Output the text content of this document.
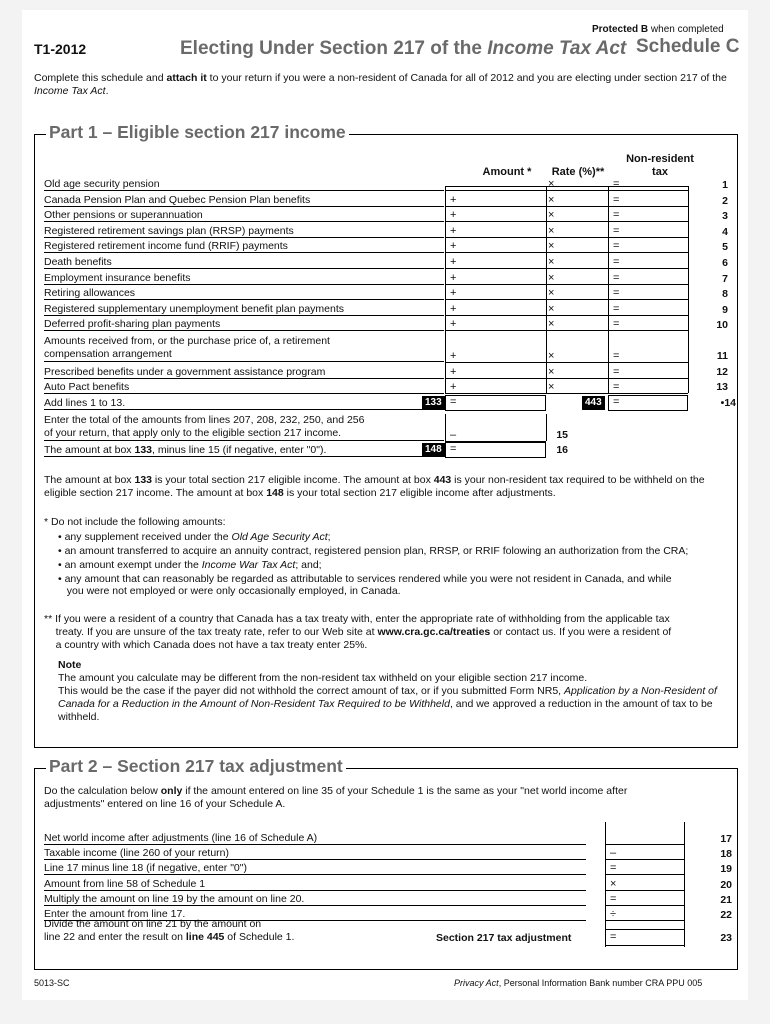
Protected B when completed
T1-2012	Electing Under Section 217 of the Income Tax Act Schedule C
Complete this schedule and attach it to your return if you were a non-resident of Canada for all of 2012 and you are electing under section 217 of the Income Tax Act.
Part 1 – Eligible section 217 income
Amount *	Rate (%)**
Non-resident
tax
Amounts received from, or the purchase price of, a retirement
compensation arrangement	+	×	=	11
Prescribed benefits under a government assistance program	+	×	=	12
Auto Pact benefits	+	×	=	13
Add lines 1 to 13.	133 =	443 =	•14
Enter the total of the amounts from lines 207, 208, 232, 250, and 256
of your return, that apply only to the eligible section 217 income.	–	15
The amount at box 133, minus line 15 (if negative, enter "0").	148 =	16
The amount at box 133 is your total section 217 eligible income. The amount at box 443 is your non-resident tax required to be withheld on the eligible section 217 income. The amount at box 148 is your total section 217 eligible income after adjustments.
* Do not include the following amounts:
• any supplement received under the Old Age Security Act;
• an amount transferred to acquire an annuity contract, registered pension plan, RRSP, or RRIF folowing an authorization from the CRA;
• an amount exempt under the Income War Tax Act; and;
• any amount that can reasonably be regarded as attributable to services rendered while you were not resident in Canada, and while
you were not employed or were only occasionally employed, in Canada.
** If you were a resident of a country that Canada has a tax treaty with, enter the appropriate rate of withholding from the applicable tax
treaty. If you are unsure of the tax treaty rate, refer to our Web site at www.cra.gc.ca/treaties or contact us. If you were a resident of
a country with which Canada does not have a tax treaty enter 25%.
Note
The amount you calculate may be different from the non-resident tax withheld on your eligible section 217 income.
This would be the case if the payer did not withhold the correct amount of tax, or if you submitted Form NR5, Application by a Non-Resident of Canada for a Reduction in the Amount of Non-Resident Tax Required to be Withheld, and we approved a reduction in the amount of tax to be withheld.
Part 2 – Section 217 tax adjustment
Do the calculation below only if the amount entered on line 35 of your Schedule 1 is the same as your "net world income after adjustments" entered on line 16 of your Schedule A.
Divide the amount on line 21 by the amount on
line 22 and enter the result on line 445 of Schedule 1.	Section 217 tax adjustment	=	23
5013-SC	Privacy Act, Personal Information Bank number CRA PPU 005
Old age security pension	×	=	1
Canada Pension Plan and Quebec Pension Plan benefits	+	×	=	2
Other pensions or superannuation	+	×	=	3
Registered retirement savings plan (RRSP) payments	+	×	=	4
Registered retirement income fund (RRIF) payments	+	×	=	5
Death benefits	+	×	=	6
Employment insurance benefits	+	×	=	7
Retiring allowances	+	×	=	8
Registered supplementary unemployment benefit plan payments	+	×	=	9
Deferred profit-sharing plan payments	+	×	=	10
Net world income after adjustments (line 16 of Schedule A)	17
Taxable income (line 260 of your return)	–	18
Line 17 minus line 18 (if negative, enter "0")	=	19
Amount from line 58 of Schedule 1	×	20
Multiply the amount on line 19 by the amount on line 20.	=	21
Enter the amount from line 17.	÷	22
